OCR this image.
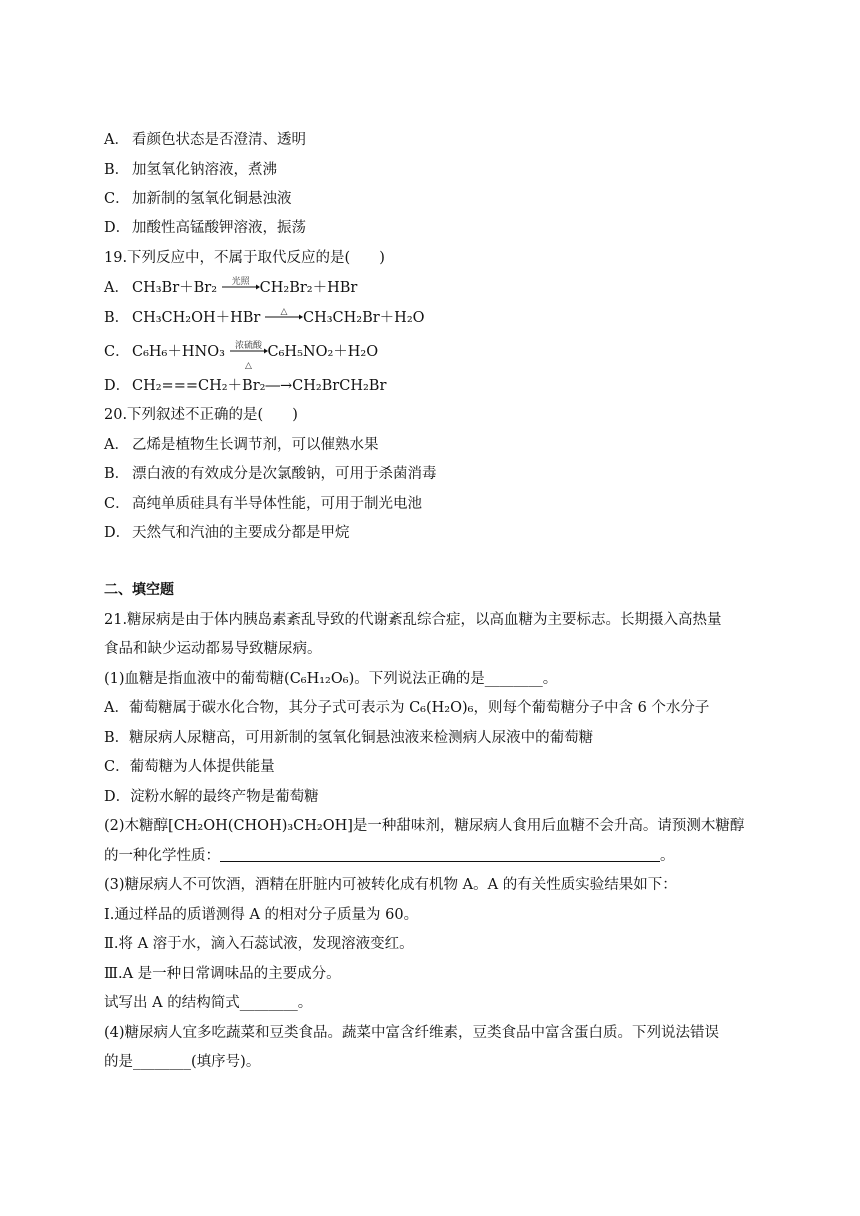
A． 看颜色状态是否澄清、透明
B． 加氢氧化钠溶液，煮沸
C． 加新制的氢氧化铜悬浊液
D． 加酸性高锰酸钾溶液，振荡
19.下列反应中，不属于取代反应的是(　　)
A． CH₃Br＋Br₂	光照 CH₂Br₂＋HBr
B． CH₃CH₂OH＋HBr	△	CH₃CH₂Br＋H₂O
C． C₆H₆＋HNO₃	浓硫酸
△
C₆H₅NO₂＋H₂O
D． CH₂===CH₂＋Br₂―→CH₂BrCH₂Br
20.下列叙述不正确的是(　　)
A． 乙烯是植物生长调节剂，可以催熟水果
B． 漂白液的有效成分是次氯酸钠，可用于杀菌消毒
C． 高纯单质硅具有半导体性能，可用于制光电池
D． 天然气和汽油的主要成分都是甲烷
二、填空题
21.糖尿病是由于体内胰岛素紊乱导致的代谢紊乱综合症，以高血糖为主要标志。长期摄入高热量
食品和缺少运动都易导致糖尿病。
(1)血糖是指血液中的葡萄糖(C₆H₁₂O₆)。下列说法正确的是________。
A．葡萄糖属于碳水化合物，其分子式可表示为 C₆(H₂O)₆，则每个葡萄糖分子中含 6 个水分子
B．糖尿病人尿糖高，可用新制的氢氧化铜悬浊液来检测病人尿液中的葡萄糖
C．葡萄糖为人体提供能量
D．淀粉水解的最终产物是葡萄糖
(2)木糖醇[CH₂OH(CHOH)₃CH₂OH]是一种甜味剂，糖尿病人食用后血糖不会升高。请预测木糖醇
的一种化学性质：	。
(3)糖尿病人不可饮酒，酒精在肝脏内可被转化成有机物 A。A 的有关性质实验结果如下：
Ⅰ.通过样品的质谱测得 A 的相对分子质量为 60。
Ⅱ.将 A 溶于水，滴入石蕊试液，发现溶液变红。
Ⅲ.A 是一种日常调味品的主要成分。
试写出 A 的结构简式________。
(4)糖尿病人宜多吃蔬菜和豆类食品。蔬菜中富含纤维素，豆类食品中富含蛋白质。下列说法错误
的是________(填序号)。
